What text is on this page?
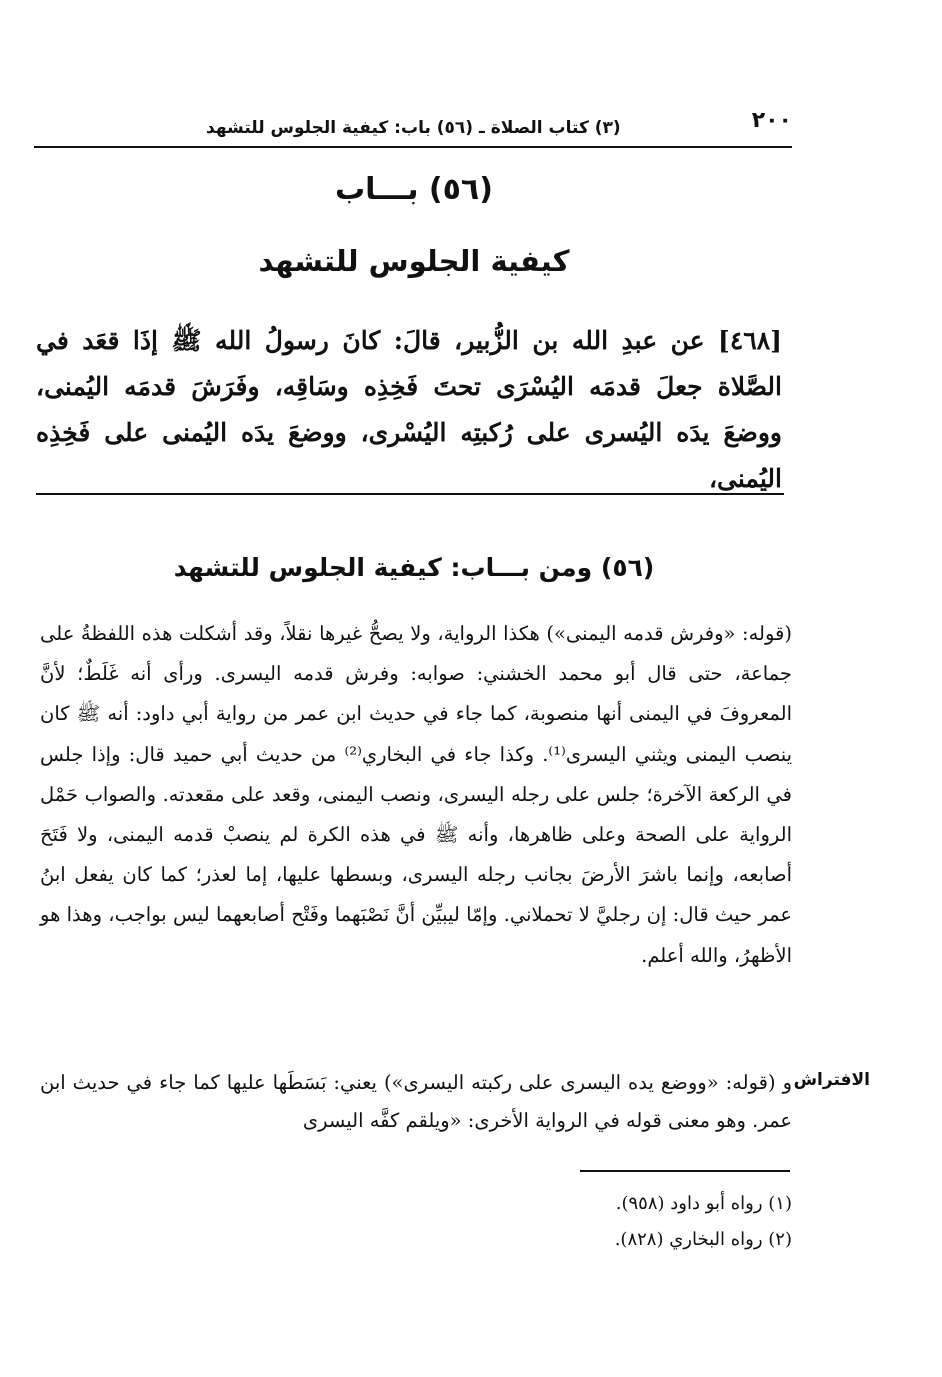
٢٠٠
(٣) كتاب الصلاة ـ (٥٦) باب: كيفية الجلوس للتشهد
(٥٦) بـــاب
كيفية الجلوس للتشهد

[٤٦٨] عن عبدِ الله بن الزُّبير، قالَ: كانَ رسولُ الله ﷺ إذَا قعَد في الصَّلاة جعلَ قدمَه اليُسْرَى تحتَ فَخِذِه وسَاقِه، وفَرَشَ قدمَه اليُمنى، ووضعَ يدَه اليُسرى على رُكبتِه اليُسْرى، ووضعَ يدَه اليُمنى على فَخِذِه اليُمنى،

(٥٦) ومن بـــاب: كيفية الجلوس للتشهد

(قوله: «وفرش قدمه اليمنى») هكذا الرواية، ولا يصحُّ غيرها نقلاً، وقد أشكلت هذه اللفظةُ على جماعة، حتى قال أبو محمد الخشني: صوابه: وفرش قدمه اليسرى. ورأى أنه غَلَطٌ؛ لأنَّ المعروفَ في اليمنى أنها منصوبة، كما جاء في حديث ابن عمر من رواية أبي داود: أنه ﷺ كان ينصب اليمنى ويثني اليسرى⁽¹⁾. وكذا جاء في البخاري⁽²⁾ من حديث أبي حميد قال: وإذا جلس في الركعة الآخرة؛ جلس على رجله اليسرى، ونصب اليمنى، وقعد على مقعدته. والصواب حَمْل الرواية على الصحة وعلى ظاهرها، وأنه ﷺ في هذه الكرة لم ينصبْ قدمه اليمنى، ولا فَتَحَ أصابعه، وإنما باشرَ الأرضَ بجانب رجله اليسرى، وبسطها عليها، إما لعذر؛ كما كان يفعل ابنُ عمر حيث قال: إن رجليَّ لا تحملاني. وإمّا ليبيِّن أنَّ نَصْبَهما وفَتْح أصابعهما ليس بواجب، وهذا هو الأظهرُ، والله أعلم.

الافتراش

و (قوله: «ووضع يده اليسرى على ركبته اليسرى») يعني: بَسَطَها عليها كما جاء في حديث ابن عمر. وهو معنى قوله في الرواية الأخرى: «ويلقم كفَّه اليسرى

(١) رواه أبو داود (٩٥٨).
(٢) رواه البخاري (٨٢٨).
